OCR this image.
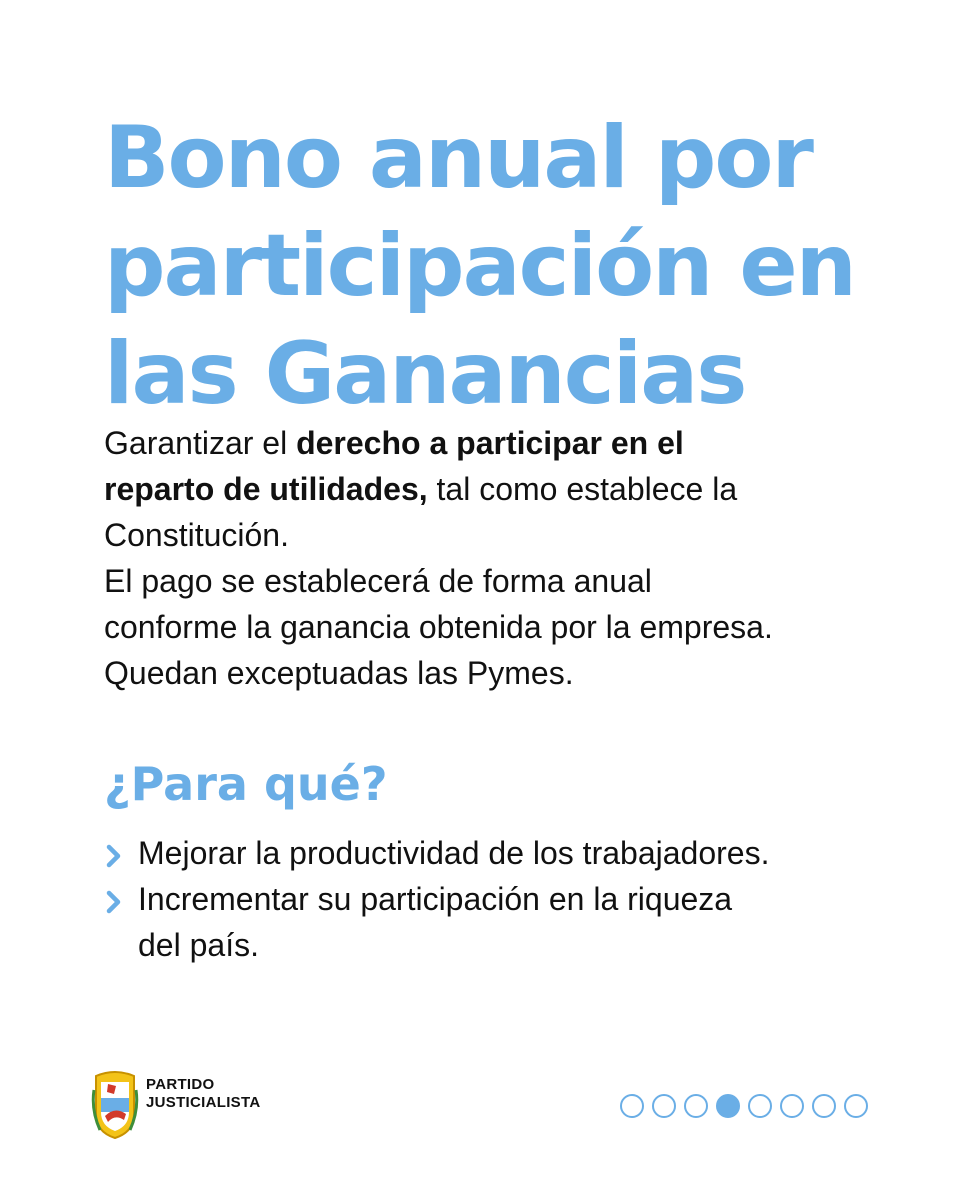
Bono anual por
participación en
las Ganancias

Garantizar el derecho a participar en el
reparto de utilidades, tal como establece la
Constitución.
El pago se establecerá de forma anual
conforme la ganancia obtenida por la empresa.
Quedan exceptuadas las Pymes.

¿Para qué?
Mejorar la productividad de los trabajadores.
Incrementar su participación en la riqueza
del país.
PARTIDO
JUSTICIALISTA
